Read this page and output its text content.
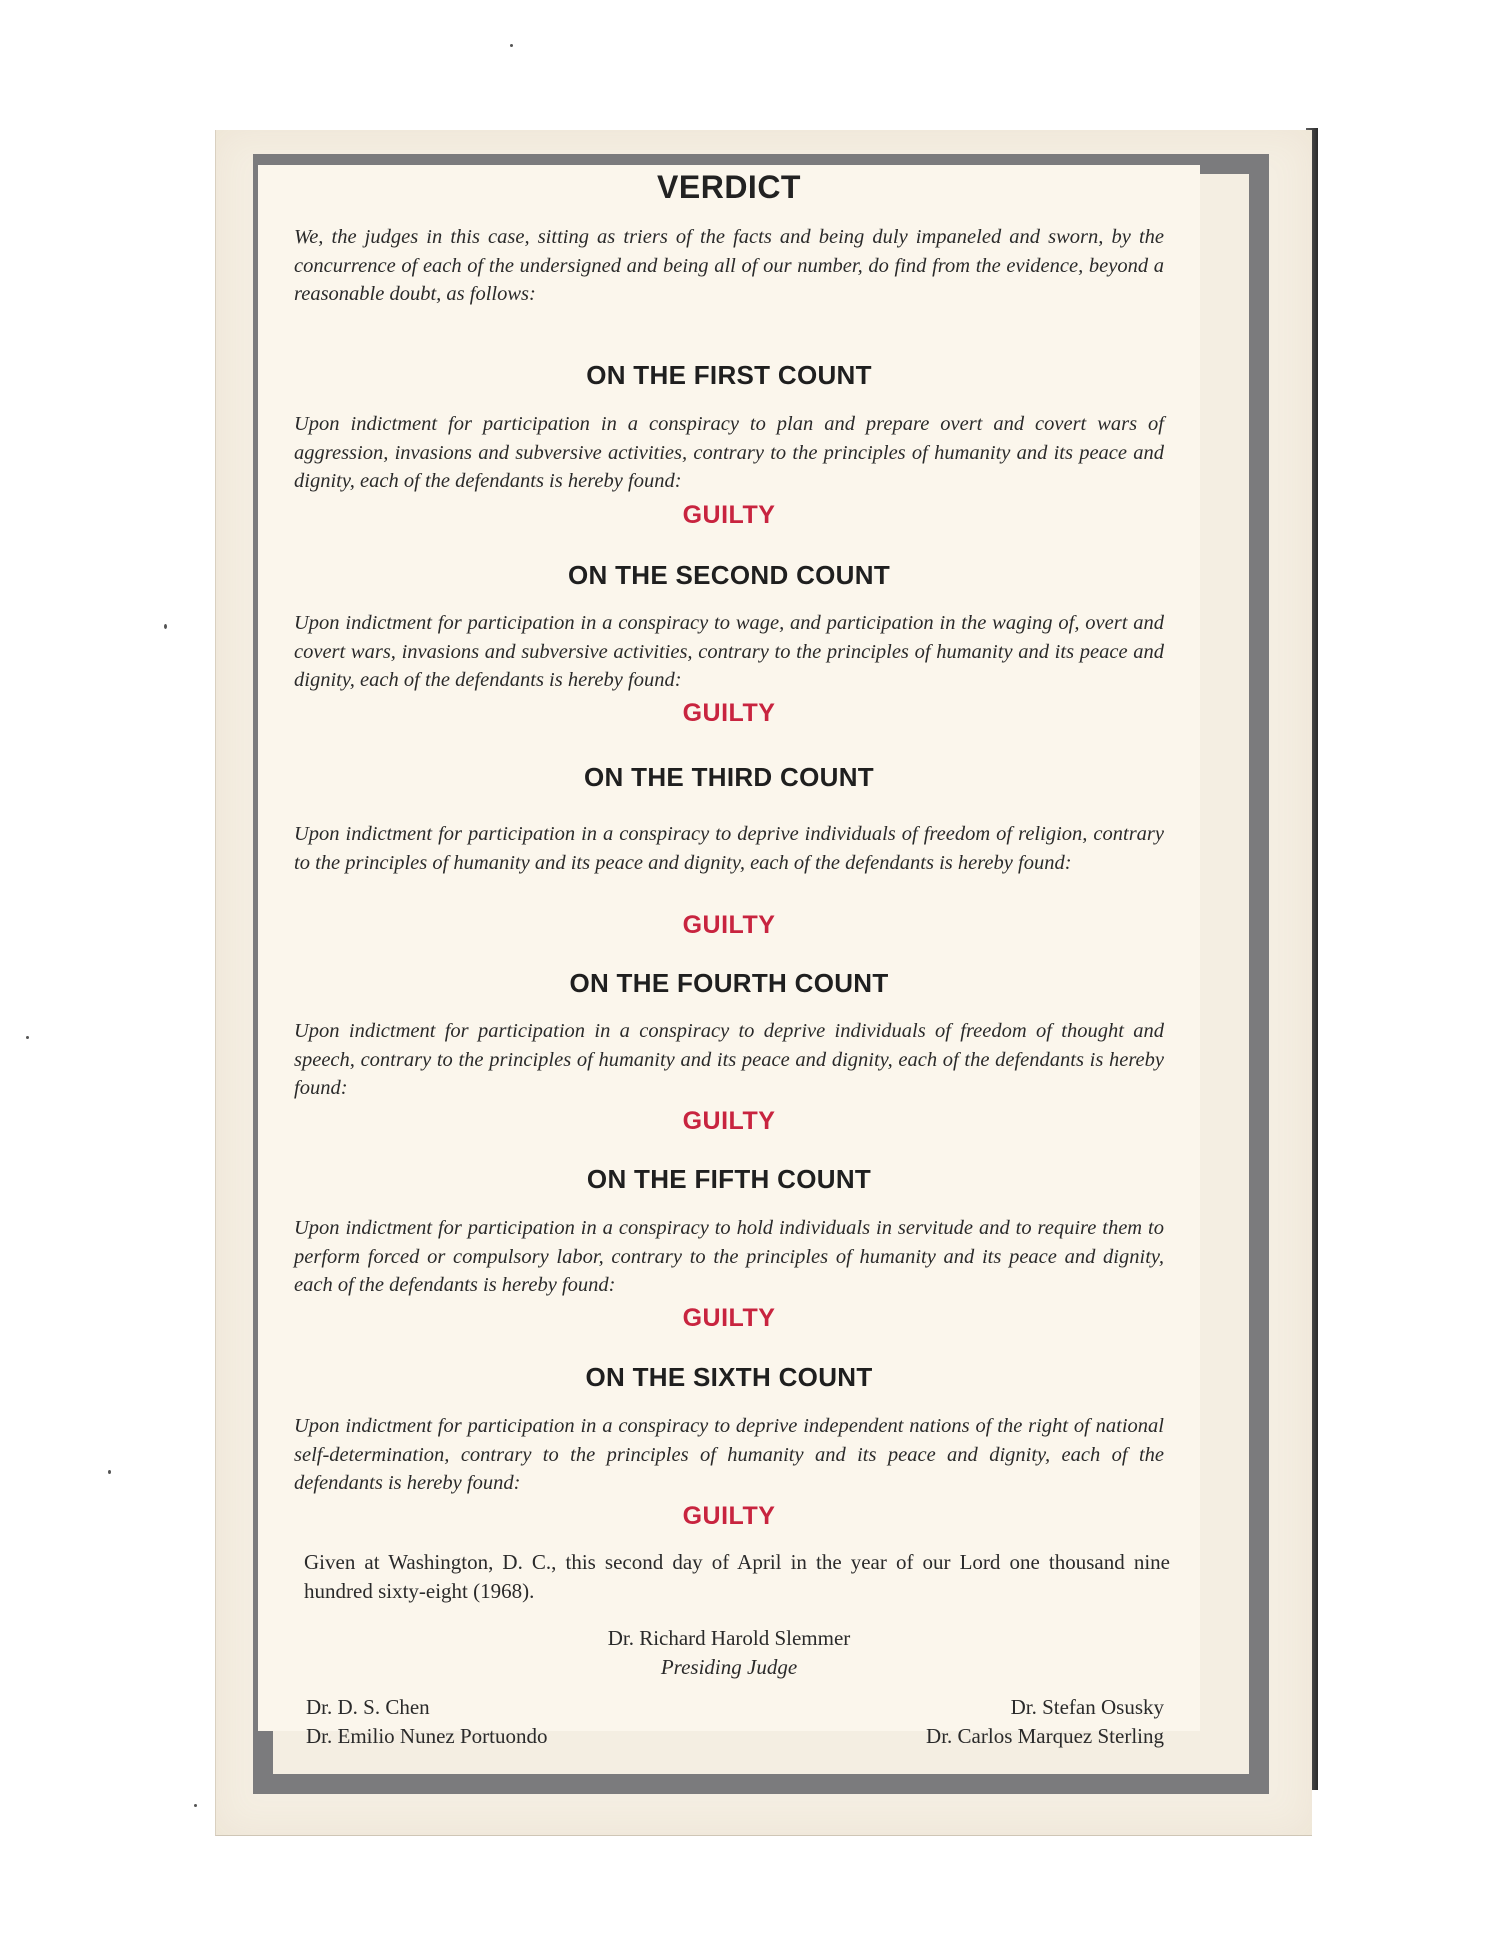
VERDICT

We, the judges in this case, sitting as triers of the facts and being duly impaneled and sworn, by the concurrence of each of the undersigned and being all of our number, do find from the evidence, beyond a reasonable doubt, as follows:

ON THE FIRST COUNT

Upon indictment for participation in a conspiracy to plan and prepare overt and covert wars of aggression, invasions and subversive activities, contrary to the principles of humanity and its peace and dignity, each of the defendants is hereby found:

GUILTY
ON THE SECOND COUNT

Upon indictment for participation in a conspiracy to wage, and participation in the waging of, overt and covert wars, invasions and subversive activities, contrary to the principles of humanity and its peace and dignity, each of the defendants is hereby found:

GUILTY
ON THE THIRD COUNT

Upon indictment for participation in a conspiracy to deprive individuals of freedom of religion, contrary to the principles of humanity and its peace and dignity, each of the defendants is hereby found:

GUILTY
ON THE FOURTH COUNT

Upon indictment for participation in a conspiracy to deprive individuals of freedom of thought and speech, contrary to the principles of humanity and its peace and dignity, each of the defendants is hereby found:

GUILTY
ON THE FIFTH COUNT

Upon indictment for participation in a conspiracy to hold individuals in servitude and to require them to perform forced or compulsory labor, contrary to the principles of humanity and its peace and dignity, each of the defendants is hereby found:

GUILTY
ON THE SIXTH COUNT

Upon indictment for participation in a conspiracy to deprive independent nations of the right of national self-determination, contrary to the principles of humanity and its peace and dignity, each of the defendants is hereby found:

GUILTY

Given at Washington, D. C., this second day of April in the year of our Lord one thousand nine hundred sixty-eight (1968).

Dr. Richard Harold Slemmer
Presiding Judge
Dr. D. S. Chen
Dr. Emilio Nunez Portuondo
Dr. Stefan Osusky
Dr. Carlos Marquez Sterling
